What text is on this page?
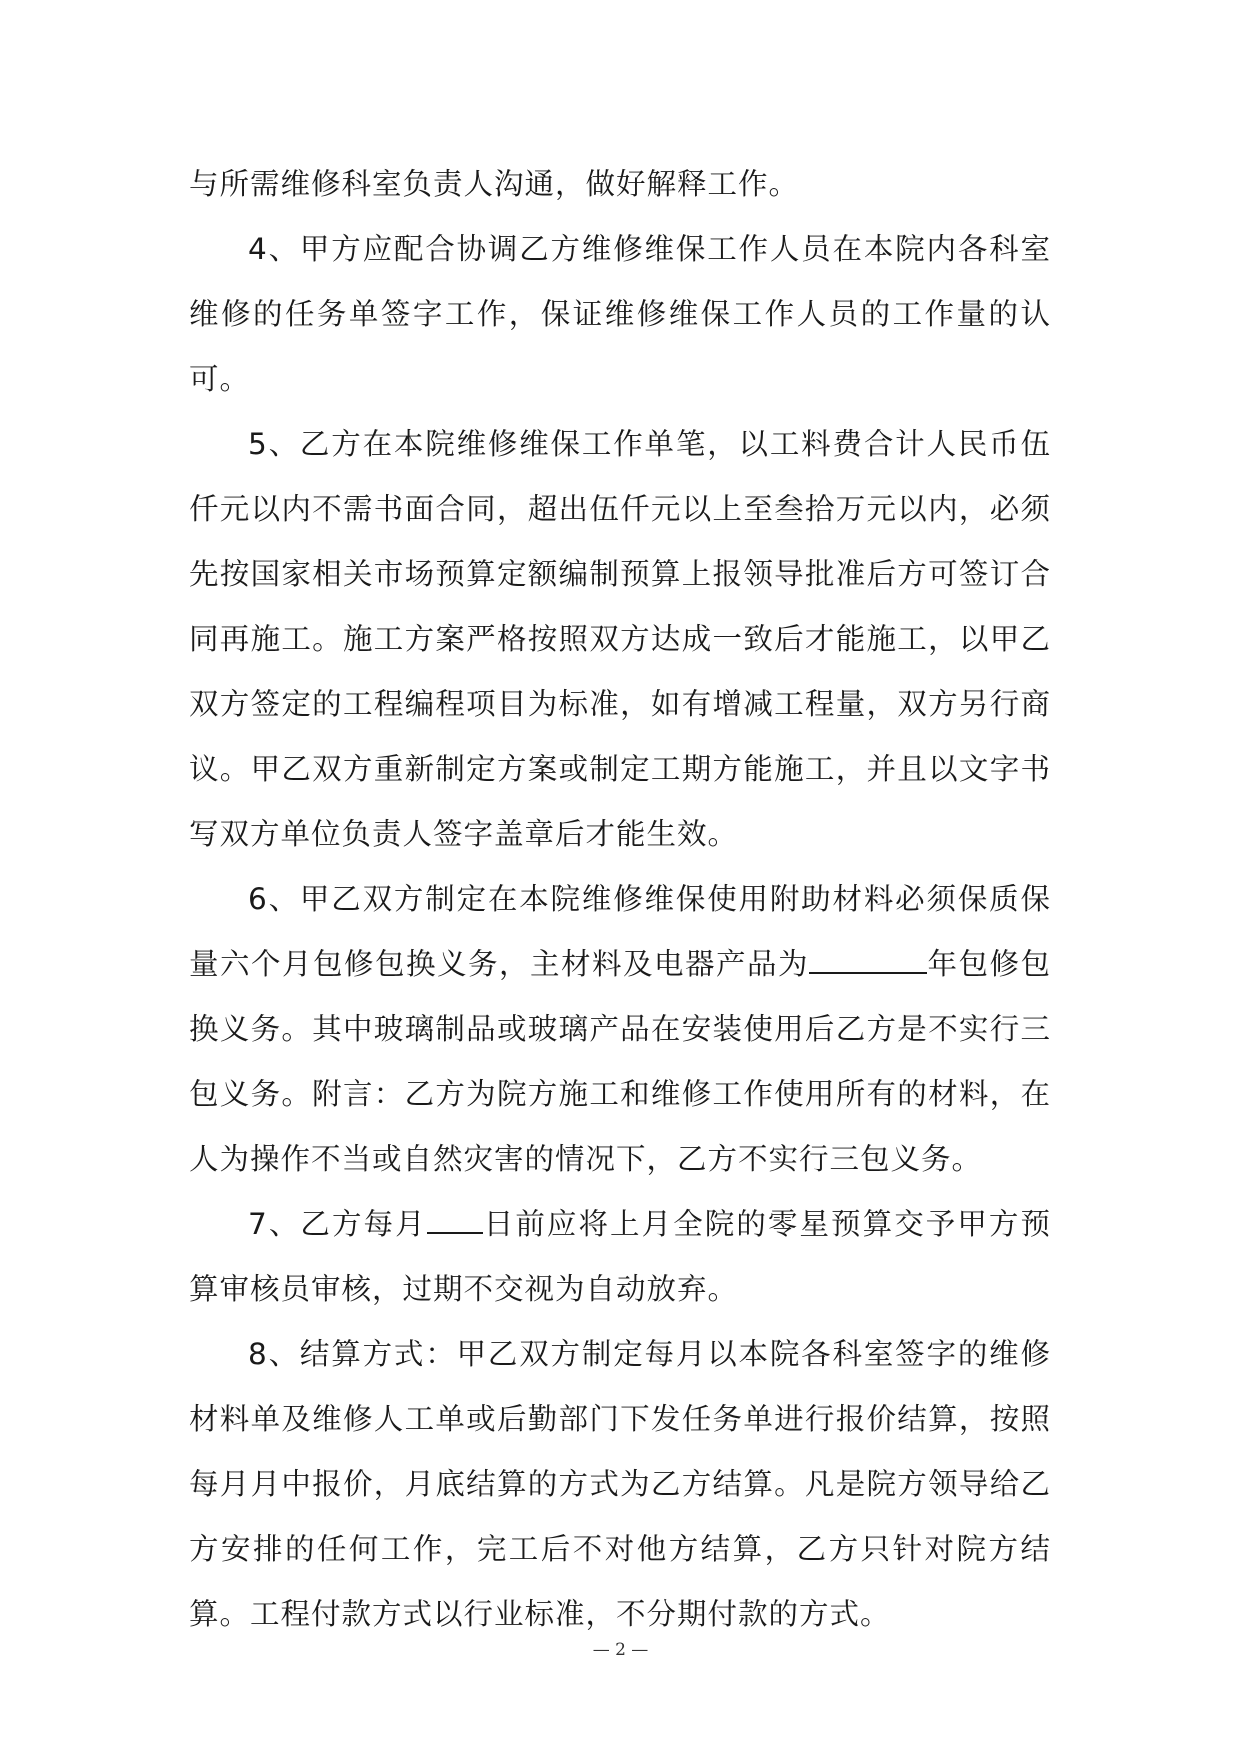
与所需维修科室负责人沟通，做好解释工作。

4、甲方应配合协调乙方维修维保工作人员在本院内各科室维修的任务单签字工作，保证维修维保工作人员的工作量的认可。

5、乙方在本院维修维保工作单笔，以工料费合计人民币伍仟元以内不需书面合同，超出伍仟元以上至叁拾万元以内，必须先按国家相关市场预算定额编制预算上报领导批准后方可签订合同再施工。施工方案严格按照双方达成一致后才能施工，以甲乙双方签定的工程编程项目为标准，如有增减工程量，双方另行商议。甲乙双方重新制定方案或制定工期方能施工，并且以文字书写双方单位负责人签字盖章后才能生效。

6、甲乙双方制定在本院维修维保使用附助材料必须保质保量六个月包修包换义务，主材料及电器产品为	年包修包换义务。其中玻璃制品或玻璃产品在安装使用后乙方是不实行三包义务。附言：乙方为院方施工和维修工作使用所有的材料，在人为操作不当或自然灾害的情况下，乙方不实行三包义务。

7、乙方每月 日前应将上月全院的零星预算交予甲方预算审核员审核，过期不交视为自动放弃。

8、结算方式：甲乙双方制定每月以本院各科室签字的维修材料单及维修人工单或后勤部门下发任务单进行报价结算，按照每月月中报价，月底结算的方式为乙方结算。凡是院方领导给乙方安排的任何工作，完工后不对他方结算，乙方只针对院方结算。工程付款方式以行业标准，不分期付款的方式。

— 2 —
